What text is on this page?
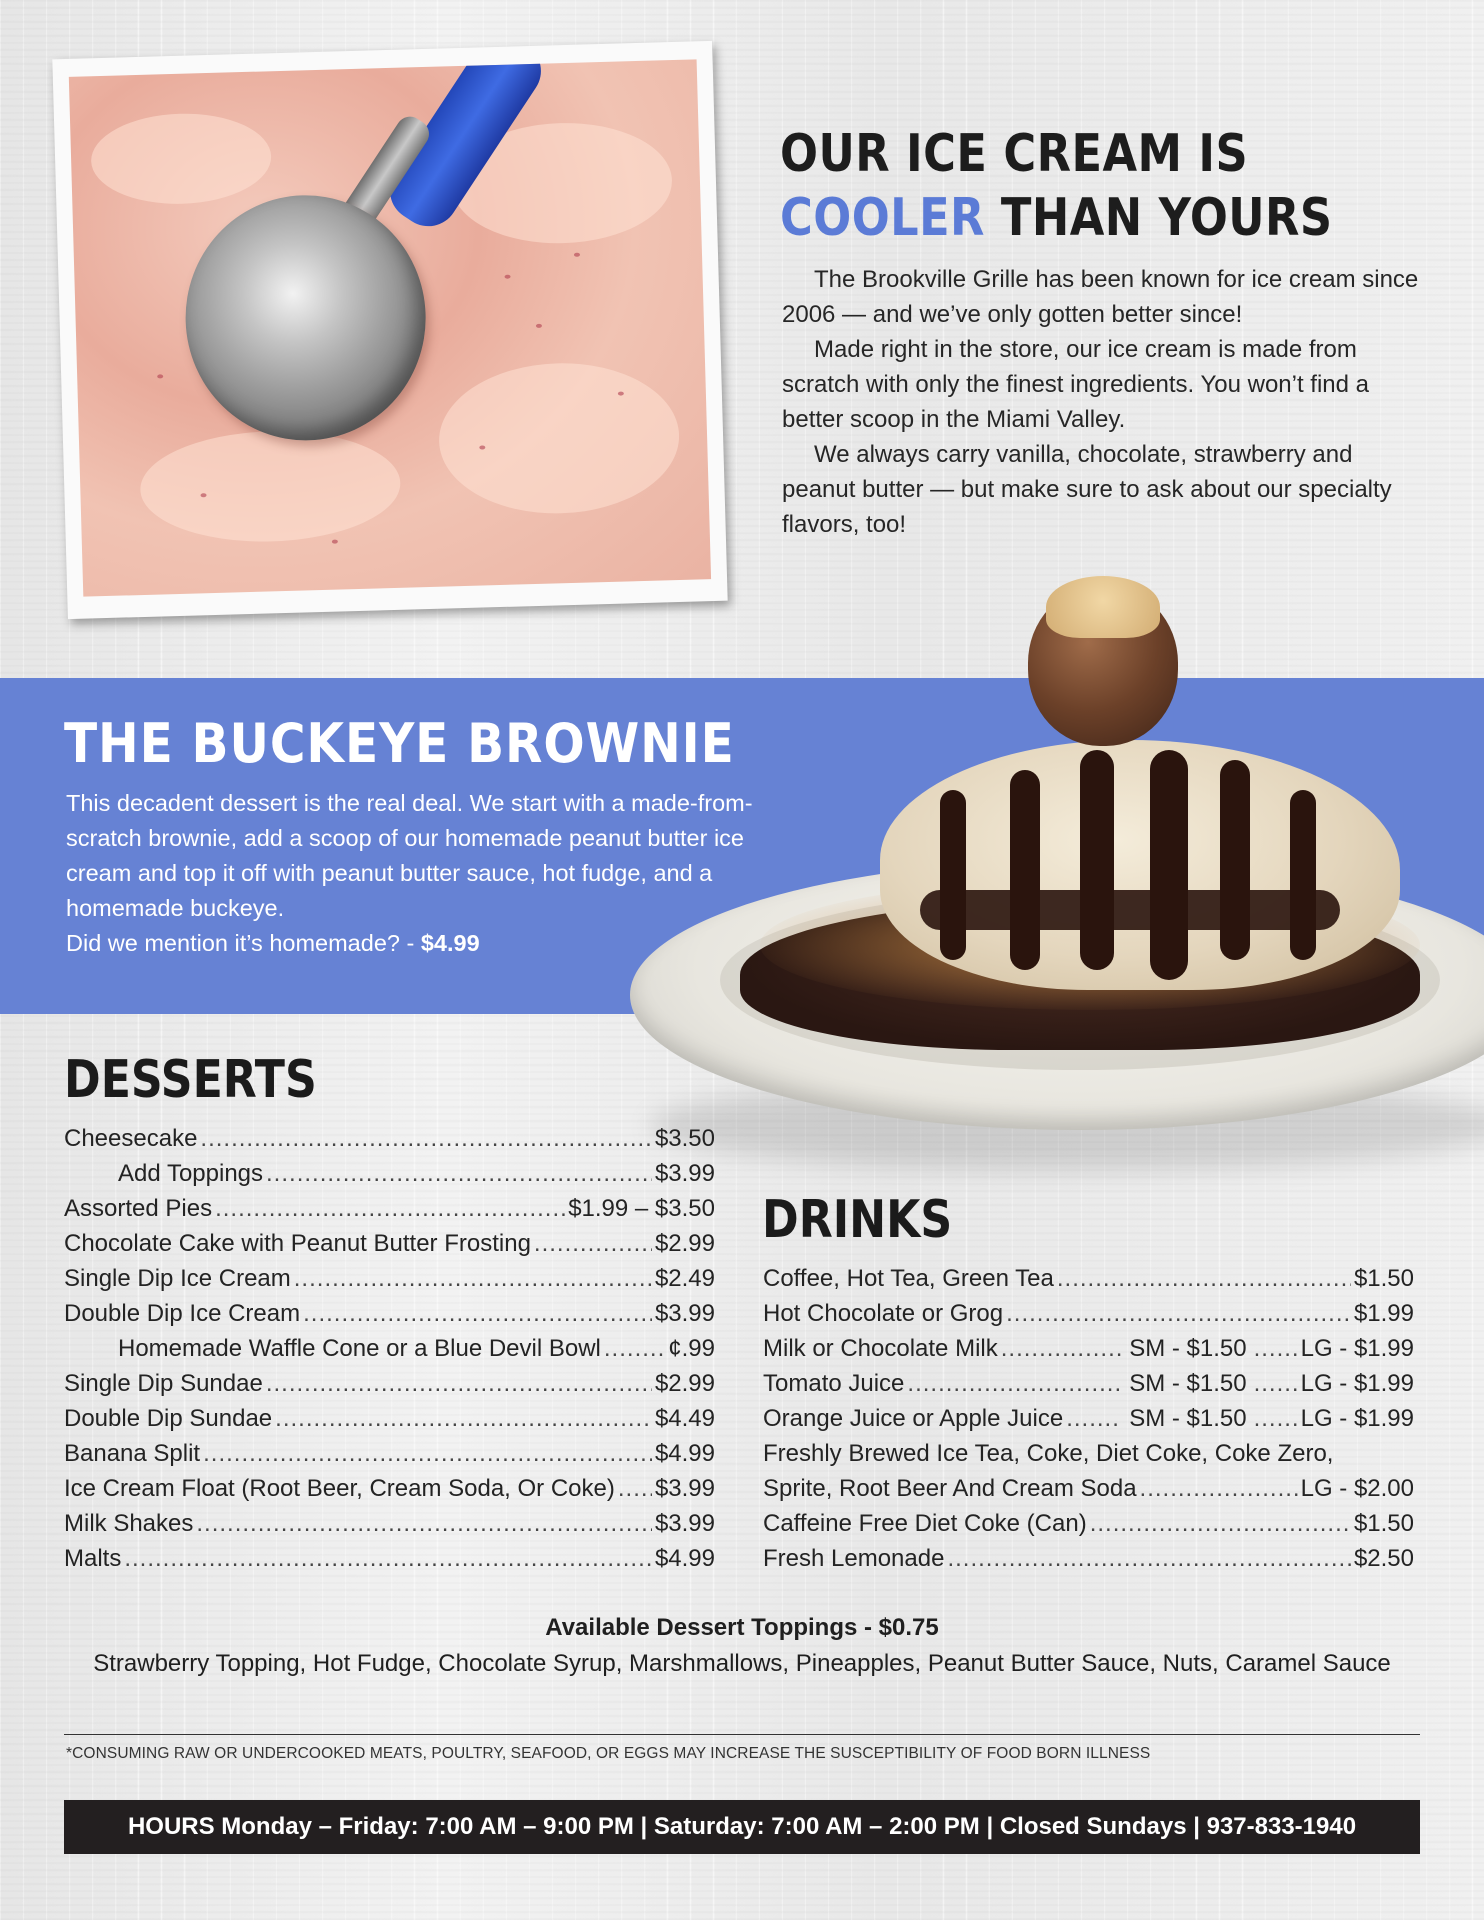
OUR ICE CREAM IS
COOLER THAN YOURS

The Brookville Grille has been known for ice cream since 2006 — and we’ve only gotten better since!

Made right in the store, our ice cream is made from scratch with only the finest ingredients. You won’t find a better scoop in the Miami Valley.

We always carry vanilla, chocolate, strawberry and peanut butter — but make sure to ask about our specialty flavors, too!

THE BUCKEYE BROWNIE
This decadent dessert is the real deal. We start with a made-from-scratch brownie, add a scoop of our homemade peanut butter ice cream and top it off with peanut butter sauce, hot fudge, and a homemade buckeye.
Did we mention it’s homemade? - $4.99
DESSERTS
Cheesecake .....	$3.50
Add Toppings .....	$3.99
Assorted Pies .....	$1.99 – $3.50
Chocolate Cake with Peanut Butter Frosting .....	$2.99
Single Dip Ice Cream .....	$2.49
Double Dip Ice Cream .....	$3.99
Homemade Waffle Cone or a Blue Devil Bowl .....	¢.99
Single Dip Sundae .....	$2.99
Double Dip Sundae .....	$4.49
Banana Split .....	$4.99
Ice Cream Float (Root Beer, Cream Soda, Or Coke) ..... $3.99
Milk Shakes .....	$3.99
Malts .....	$4.99
DRINKS
Coffee, Hot Tea, Green Tea .....	$1.50
Hot Chocolate or Grog .....	$1.99
Milk or Chocolate Milk .....	SM - $1.50 ..... LG - $1.99
Tomato Juice .....	SM - $1.50 ..... LG - $1.99
Orange Juice or Apple Juice .....	SM - $1.50 ..... LG - $1.99
Freshly Brewed Ice Tea, Coke, Diet Coke, Coke Zero,
Sprite, Root Beer And Cream Soda .....	LG - $2.00
Caffeine Free Diet Coke (Can) .....	$1.50
Fresh Lemonade .....	$2.50
Available Dessert Toppings - $0.75
Strawberry Topping, Hot Fudge, Chocolate Syrup, Marshmallows, Pineapples, Peanut Butter Sauce, Nuts, Caramel Sauce
*CONSUMING RAW OR UNDERCOOKED MEATS, POULTRY, SEAFOOD, OR EGGS MAY INCREASE THE SUSCEPTIBILITY OF FOOD BORN ILLNESS
HOURS Monday – Friday: 7:00 AM – 9:00 PM | Saturday: 7:00 AM – 2:00 PM | Closed Sundays | 937-833-1940
